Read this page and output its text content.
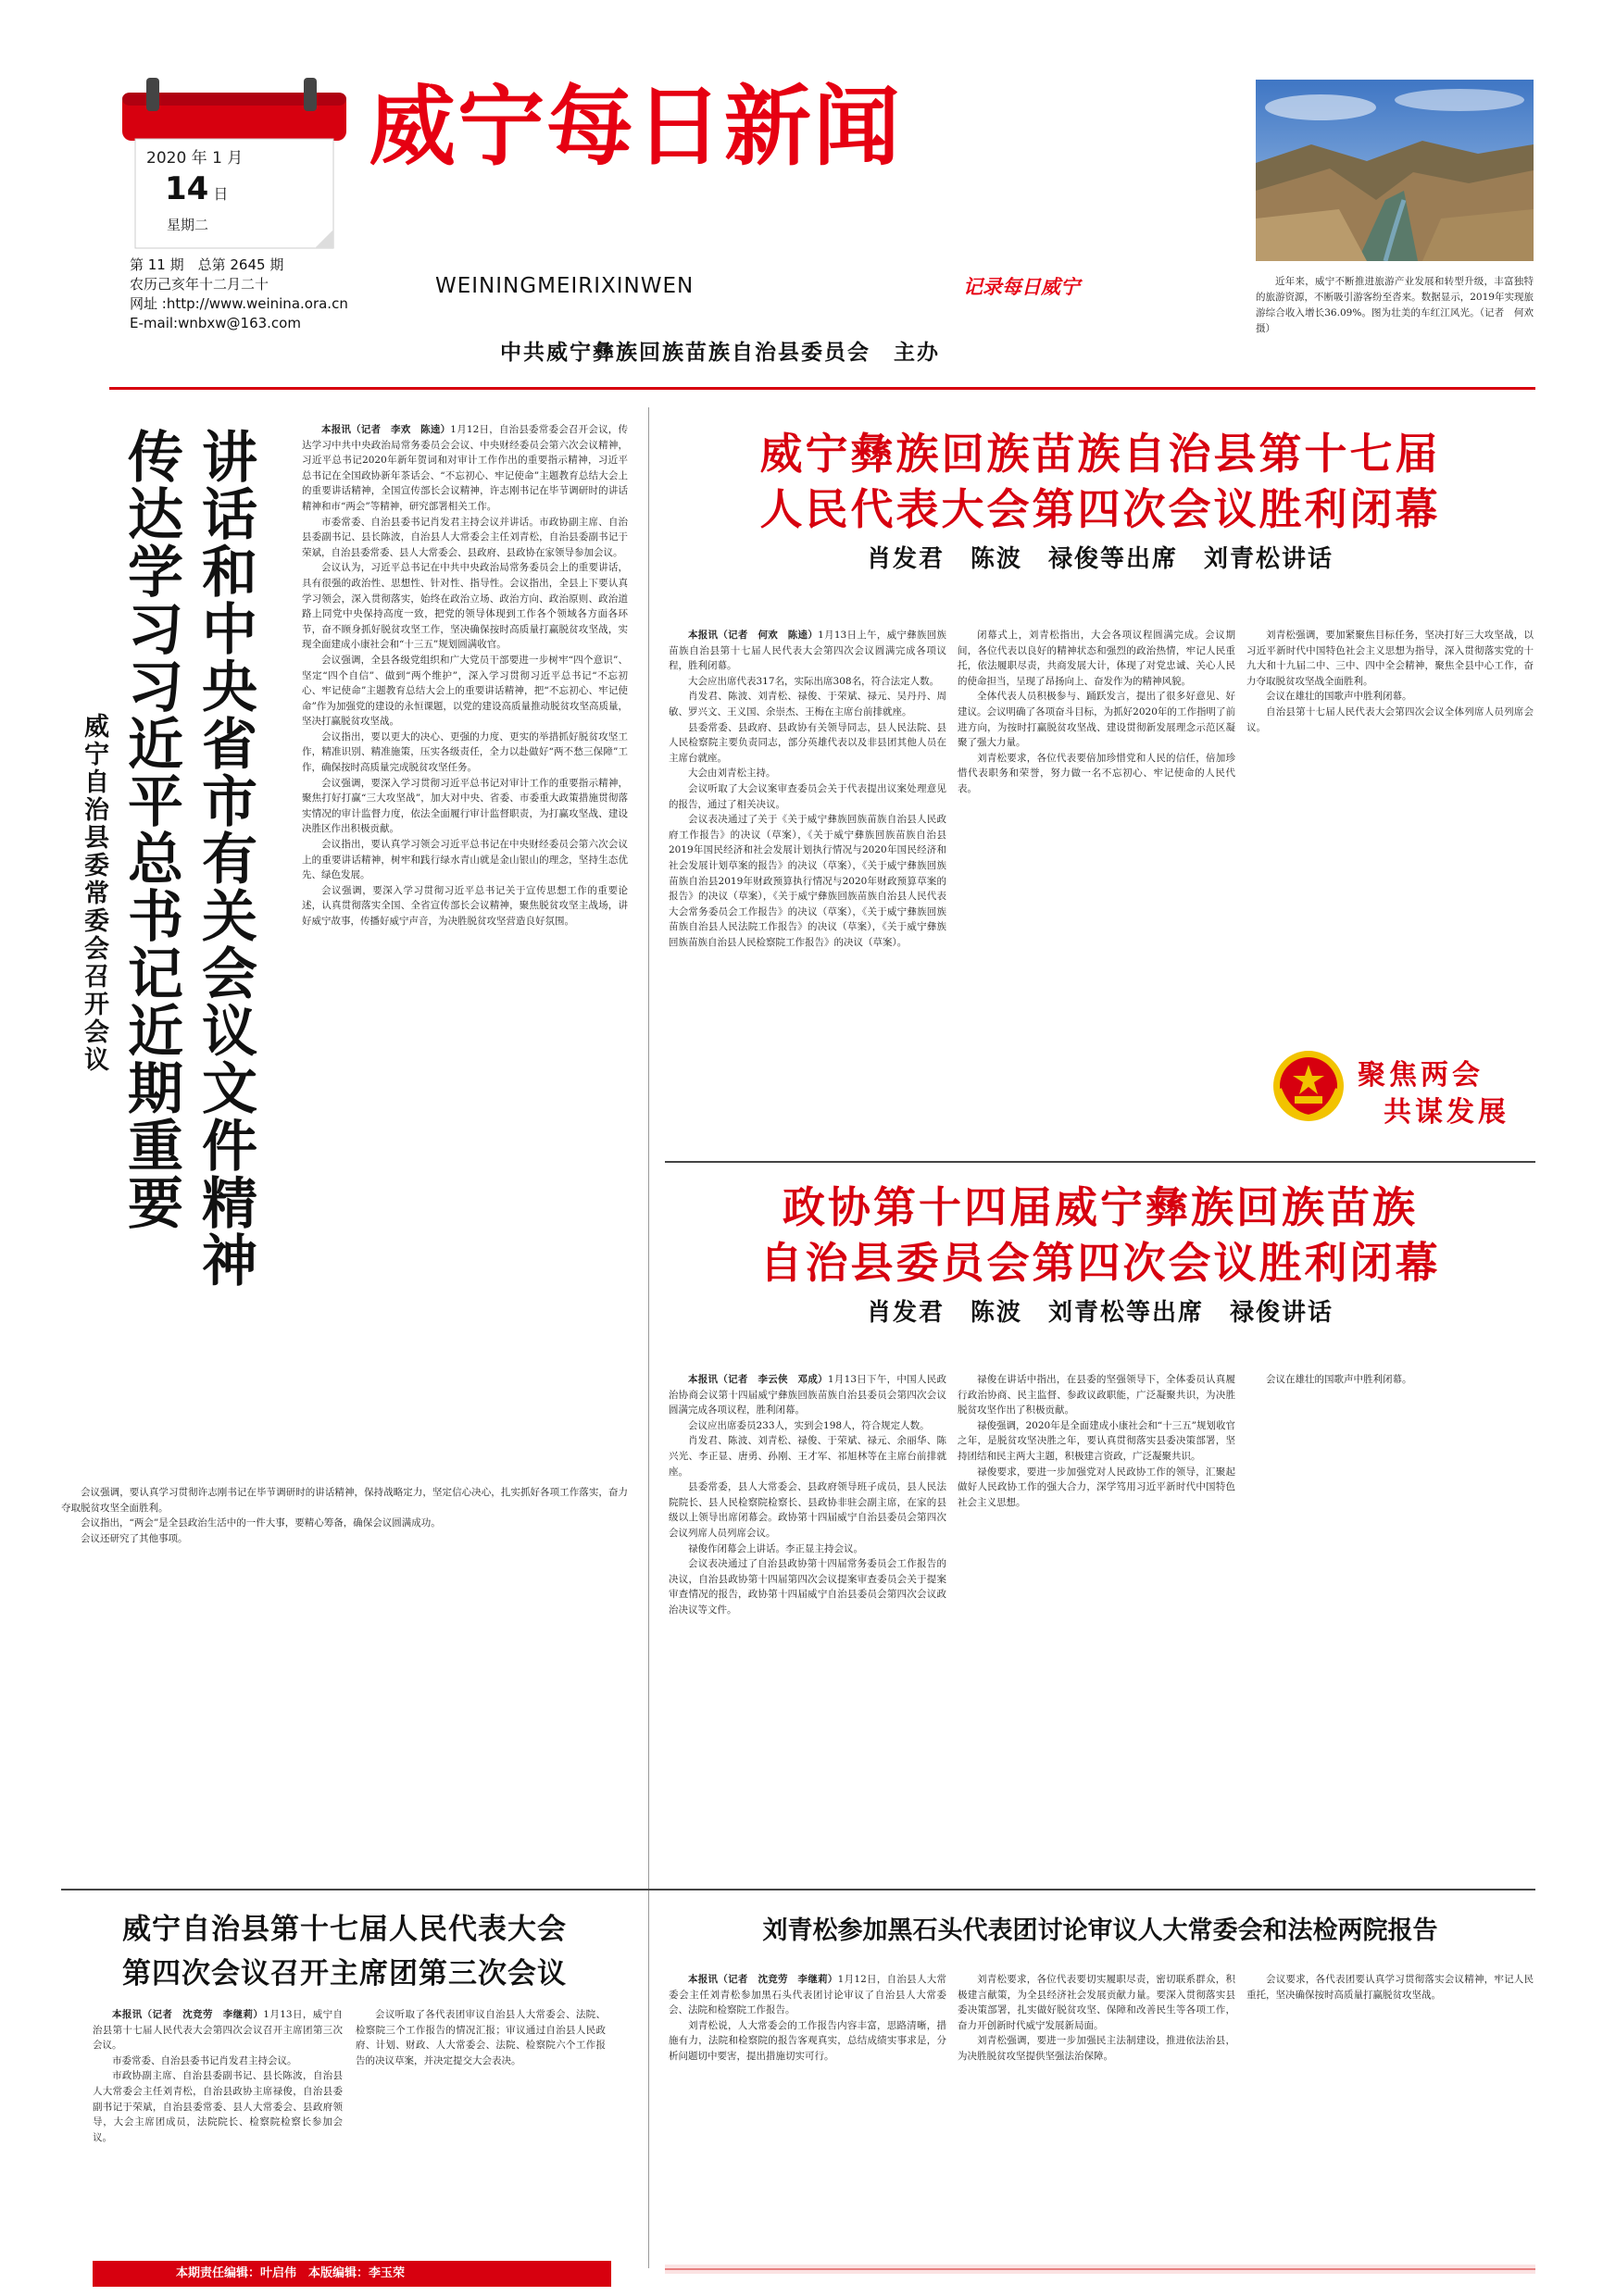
2020 年 1 月
14 日
星期二
第 11 期　总第 2645 期
农历己亥年十二月二十
网址 :http://www.weinina.ora.cn
E-mail:wnbxw@163.com
威宁每日新闻
WEININGMEIRIXINWEN	记录每日威宁
中共威宁彝族回族苗族自治县委员会　主办
近年来，威宁不断推进旅游产业发展和转型升级，丰富独特的旅游资源，不断吸引游客纷至沓来。数据显示，2019年实现旅游综合收入增长36.09%。图为壮美的车红江风光。（记者　何欢　摄）
讲话和中央省市有关会议文件精神
传达学习习近平总书记近期重要
威宁自治县委常委会召开会议

本报讯（记者　李欢　陈逵）1月12日，自治县委常委会召开会议，传达学习中共中央政治局常务委员会会议、中央财经委员会第六次会议精神，习近平总书记2020年新年贺词和对审计工作作出的重要指示精神，习近平总书记在全国政协新年茶话会、“不忘初心、牢记使命”主题教育总结大会上的重要讲话精神，全国宣传部长会议精神，许志刚书记在毕节调研时的讲话精神和市“两会”等精神，研究部署相关工作。

市委常委、自治县委书记肖发君主持会议并讲话。市政协副主席、自治县委副书记、县长陈波，自治县人大常委会主任刘青松，自治县委副书记于荣斌，自治县委常委、县人大常委会、县政府、县政协在家领导参加会议。

会议认为，习近平总书记在中共中央政治局常务委员会上的重要讲话，具有很强的政治性、思想性、针对性、指导性。会议指出，全县上下要认真学习领会，深入贯彻落实，始终在政治立场、政治方向、政治原则、政治道路上同党中央保持高度一致，把党的领导体现到工作各个领域各方面各环节，奋不顾身抓好脱贫攻坚工作，坚决确保按时高质量打赢脱贫攻坚战，实现全面建成小康社会和“十三五”规划圆满收官。

会议强调，全县各级党组织和广大党员干部要进一步树牢“四个意识”、坚定“四个自信”、做到“两个维护”，深入学习贯彻习近平总书记“不忘初心、牢记使命”主题教育总结大会上的重要讲话精神，把“不忘初心、牢记使命”作为加强党的建设的永恒课题，以党的建设高质量推动脱贫攻坚高质量，坚决打赢脱贫攻坚战。

会议指出，要以更大的决心、更强的力度、更实的举措抓好脱贫攻坚工作，精准识别、精准施策，压实各级责任，全力以赴做好“两不愁三保障”工作，确保按时高质量完成脱贫攻坚任务。

会议强调，要深入学习贯彻习近平总书记对审计工作的重要指示精神，聚焦打好打赢“三大攻坚战”，加大对中央、省委、市委重大政策措施贯彻落实情况的审计监督力度，依法全面履行审计监督职责，为打赢攻坚战、建设决胜区作出积极贡献。

会议指出，要认真学习领会习近平总书记在中央财经委员会第六次会议上的重要讲话精神，树牢和践行绿水青山就是金山银山的理念，坚持生态优先、绿色发展。

会议强调，要深入学习贯彻习近平总书记关于宣传思想工作的重要论述，认真贯彻落实全国、全省宣传部长会议精神，聚焦脱贫攻坚主战场，讲好威宁故事，传播好威宁声音，为决胜脱贫攻坚营造良好氛围。

会议强调，要认真学习贯彻许志刚书记在毕节调研时的讲话精神，保持战略定力，坚定信心决心，扎实抓好各项工作落实，奋力夺取脱贫攻坚全面胜利。

会议指出，“两会”是全县政治生活中的一件大事，要精心筹备，确保会议圆满成功。

会议还研究了其他事项。

威宁彝族回族苗族自治县第十七届
人民代表大会第四次会议胜利闭幕
肖发君　陈波　禄俊等出席　刘青松讲话

本报讯（记者　何欢　陈逵）1月13日上午，威宁彝族回族苗族自治县第十七届人民代表大会第四次会议圆满完成各项议程，胜利闭幕。

大会应出席代表317名，实际出席308名，符合法定人数。

肖发君、陈波、刘青松、禄俊、于荣斌、禄元、吴丹丹、周敏、罗兴文、王义国、余崇杰、王梅在主席台前排就座。

县委常委、县政府、县政协有关领导同志，县人民法院、县人民检察院主要负责同志，部分英雄代表以及非县团其他人员在主席台就座。

大会由刘青松主持。

会议听取了大会议案审查委员会关于代表提出议案处理意见的报告，通过了相关决议。

会议表决通过了关于《关于威宁彝族回族苗族自治县人民政府工作报告》的决议（草案），《关于威宁彝族回族苗族自治县2019年国民经济和社会发展计划执行情况与2020年国民经济和社会发展计划草案的报告》的决议（草案），《关于威宁彝族回族苗族自治县2019年财政预算执行情况与2020年财政预算草案的报告》的决议（草案），《关于威宁彝族回族苗族自治县人民代表大会常务委员会工作报告》的决议（草案），《关于威宁彝族回族苗族自治县人民法院工作报告》的决议（草案），《关于威宁彝族回族苗族自治县人民检察院工作报告》的决议（草案）。

闭幕式上，刘青松指出，大会各项议程圆满完成。会议期间，各位代表以良好的精神状态和强烈的政治热情，牢记人民重托，依法履职尽责，共商发展大计，体现了对党忠诚、关心人民的使命担当，呈现了昂扬向上、奋发作为的精神风貌。

全体代表人员积极参与、踊跃发言，提出了很多好意见、好建议。会议明确了各项奋斗目标，为抓好2020年的工作指明了前进方向，为按时打赢脱贫攻坚战、建设贯彻新发展理念示范区凝聚了强大力量。

刘青松要求，各位代表要倍加珍惜党和人民的信任，倍加珍惜代表职务和荣誉，努力做一名不忘初心、牢记使命的人民代表。

刘青松强调，要加紧聚焦目标任务，坚决打好三大攻坚战，以习近平新时代中国特色社会主义思想为指导，深入贯彻落实党的十九大和十九届二中、三中、四中全会精神，聚焦全县中心工作，奋力夺取脱贫攻坚战全面胜利。

会议在雄壮的国歌声中胜利闭幕。

自治县第十七届人民代表大会第四次会议全体列席人员列席会议。

聚焦两会
共谋发展
政协第十四届威宁彝族回族苗族
自治县委员会第四次会议胜利闭幕
肖发君　陈波　刘青松等出席　禄俊讲话

本报讯（记者　李云侠　邓成）1月13日下午，中国人民政治协商会议第十四届威宁彝族回族苗族自治县委员会第四次会议圆满完成各项议程，胜利闭幕。

会议应出席委员233人，实到会198人，符合规定人数。

肖发君、陈波、刘青松、禄俊、于荣斌、禄元、余丽华、陈兴光、李正显、唐勇、孙刚、王才军、祁旭林等在主席台前排就座。

县委常委，县人大常委会、县政府领导班子成员，县人民法院院长、县人民检察院检察长、县政协非驻会副主席，在家的县级以上领导出席闭幕会。政协第十四届威宁自治县委员会第四次会议列席人员列席会议。

禄俊作闭幕会上讲话。李正显主持会议。

会议表决通过了自治县政协第十四届常务委员会工作报告的决议，自治县政协第十四届第四次会议提案审查委员会关于提案审查情况的报告，政协第十四届威宁自治县委员会第四次会议政治决议等文件。

禄俊在讲话中指出，在县委的坚强领导下，全体委员认真履行政治协商、民主监督、参政议政职能，广泛凝聚共识，为决胜脱贫攻坚作出了积极贡献。

禄俊强调，2020年是全面建成小康社会和“十三五”规划收官之年，是脱贫攻坚决胜之年，要认真贯彻落实县委决策部署，坚持团结和民主两大主题，积极建言资政，广泛凝聚共识。

禄俊要求，要进一步加强党对人民政协工作的领导，汇聚起做好人民政协工作的强大合力，深学笃用习近平新时代中国特色社会主义思想。

会议在雄壮的国歌声中胜利闭幕。

威宁自治县第十七届人民代表大会
第四次会议召开主席团第三次会议

本报讯（记者　沈竞劳　李继莉）1月13日，威宁自治县第十七届人民代表大会第四次会议召开主席团第三次会议。

市委常委、自治县委书记肖发君主持会议。

市政协副主席、自治县委副书记、县长陈波，自治县人大常委会主任刘青松，自治县政协主席禄俊，自治县委副书记于荣斌，自治县委常委、县人大常委会、县政府领导，大会主席团成员，法院院长、检察院检察长参加会议。

会议听取了各代表团审议自治县人大常委会、法院、检察院三个工作报告的情况汇报；审议通过自治县人民政府、计划、财政、人大常委会、法院、检察院六个工作报告的决议草案，并决定提交大会表决。

本期责任编辑：叶启伟　本版编辑：李玉荣
刘青松参加黑石头代表团讨论审议人大常委会和法检两院报告

本报讯（记者　沈竞劳　李继莉）1月12日，自治县人大常委会主任刘青松参加黑石头代表团讨论审议了自治县人大常委会、法院和检察院工作报告。

刘青松说，人大常委会的工作报告内容丰富，思路清晰，措施有力，法院和检察院的报告客观真实，总结成绩实事求是，分析问题切中要害，提出措施切实可行。

刘青松要求，各位代表要切实履职尽责，密切联系群众，积极建言献策，为全县经济社会发展贡献力量。要深入贯彻落实县委决策部署，扎实做好脱贫攻坚、保障和改善民生等各项工作，奋力开创新时代威宁发展新局面。

刘青松强调，要进一步加强民主法制建设，推进依法治县，为决胜脱贫攻坚提供坚强法治保障。

会议要求，各代表团要认真学习贯彻落实会议精神，牢记人民重托，坚决确保按时高质量打赢脱贫攻坚战。
